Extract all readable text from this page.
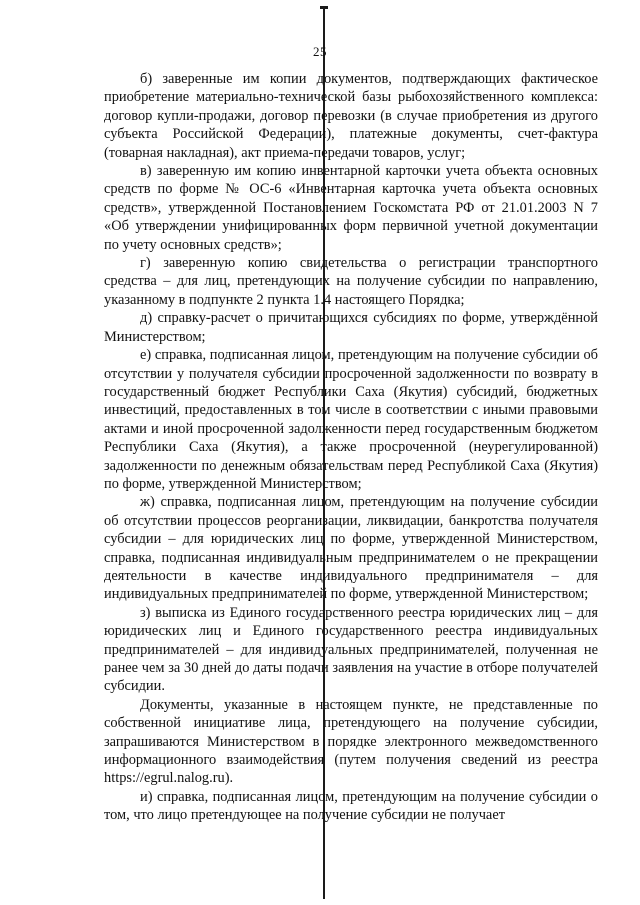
25

б) заверенные им копии документов, подтверждающих фактическое приобретение материально-технической базы рыбохозяйственного комплекса: договор купли-продажи, договор перевозки (в случае приобретения из другого субъекта Российской Федерации), платежные документы, счет-фактура (товарная накладная), акт приема-передачи товаров, услуг;

в) заверенную им копию инвентарной карточки учета объекта основных средств по форме № ОС-6 «Инвентарная карточка учета объекта основных средств», утвержденной Постановлением Госкомстата РФ от 21.01.2003 N 7 «Об утверждении унифицированных форм первичной учетной документации по учету основных средств»;

г) заверенную копию свидетельства о регистрации транспортного средства – для лиц, претендующих на получение субсидии по направлению, указанному в подпункте 2 пункта 1.4 настоящего Порядка;

д) справку-расчет о причитающихся субсидиях по форме, утверждённой Министерством;

е) справка, подписанная лицом, претендующим на получение субсидии об отсутствии у получателя субсидии просроченной задолженности по возврату в государственный бюджет Республики Саха (Якутия) субсидий, бюджетных инвестиций, предоставленных в том числе в соответствии с иными правовыми актами и иной просроченной задолженности перед государственным бюджетом Республики Саха (Якутия), а также просроченной (неурегулированной) задолженности по денежным обязательствам перед Республикой Саха (Якутия) по форме, утвержденной Министерством;

ж) справка, подписанная лицом, претендующим на получение субсидии об отсутствии процессов реорганизации, ликвидации, банкротства получателя субсидии – для юридических лиц по форме, утвержденной Министерством, справка, подписанная индивидуальным предпринимателем о не прекращении деятельности в качестве индивидуального предпринимателя – для индивидуальных предпринимателей по форме, утвержденной Министерством;

з) выписка из Единого государственного реестра юридических лиц – для юридических лиц и Единого государственного реестра индивидуальных предпринимателей – для индивидуальных предпринимателей, полученная не ранее чем за 30 дней до даты подачи заявления на участие в отборе получателей субсидии.

Документы, указанные в настоящем пункте, не представленные по собственной инициативе лица, претендующего на получение субсидии, запрашиваются Министерством в порядке электронного межведомственного информационного взаимодействия (путем получения сведений из реестра https://egrul.nalog.ru).

и) справка, подписанная лицом, претендующим на получение субсидии о том, что лицо претендующее на получение субсидии не получает
